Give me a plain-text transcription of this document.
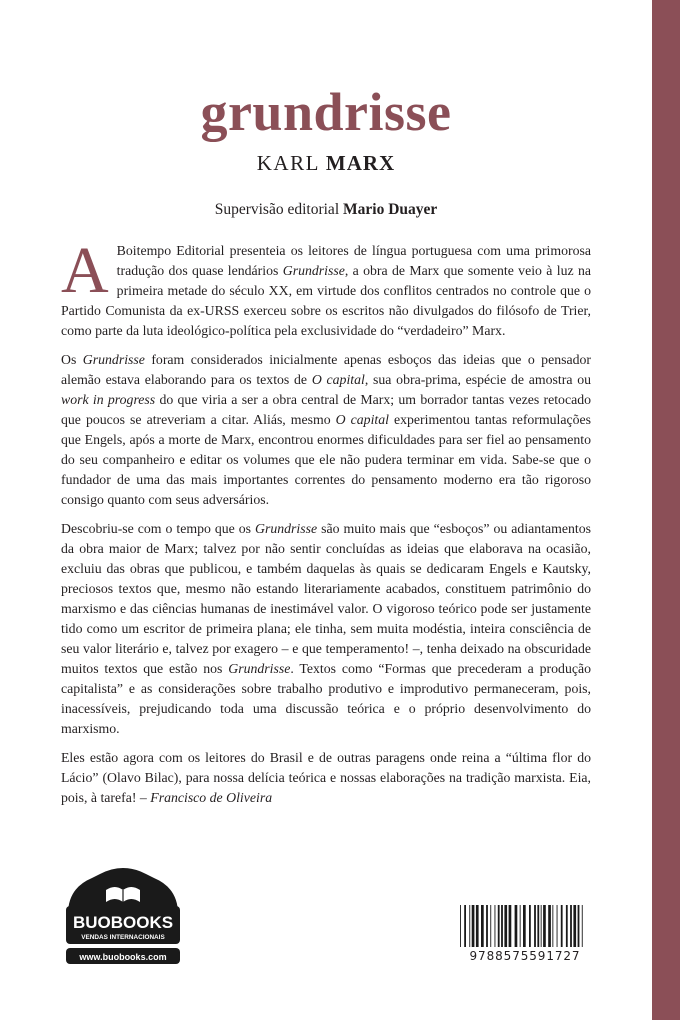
grundrisse
KARL MARX
Supervisão editorial Mario Duayer

A Boitempo Editorial presenteia os leitores de língua portuguesa com uma primorosa tradução dos quase lendários Grundrisse, a obra de Marx que somente veio à luz na primeira metade do século XX, em virtude dos conflitos centrados no controle que o Partido Comunista da ex-URSS exerceu sobre os escritos não divulgados do filósofo de Trier, como parte da luta ideológico-política pela exclusividade do “verdadeiro” Marx.

Os Grundrisse foram considerados inicialmente apenas esboços das ideias que o pensador alemão estava elaborando para os textos de O capital, sua obra-prima, espécie de amostra ou work in progress do que viria a ser a obra central de Marx; um borrador tantas vezes retocado que poucos se atreveriam a citar. Aliás, mesmo O capital experimentou tantas reformulações que Engels, após a morte de Marx, encontrou enormes dificuldades para ser fiel ao pensamento do seu companheiro e editar os volumes que ele não pudera terminar em vida. Sabe-se que o fundador de uma das mais importantes correntes do pensamento moderno era tão rigoroso consigo quanto com seus adversários.

Descobriu-se com o tempo que os Grundrisse são muito mais que “esboços” ou adiantamentos da obra maior de Marx; talvez por não sentir concluídas as ideias que elaborava na ocasião, excluiu das obras que publicou, e também daquelas às quais se dedicaram Engels e Kautsky, preciosos textos que, mesmo não estando literariamente acabados, constituem patrimônio do marxismo e das ciências humanas de inestimável valor. O vigoroso teórico pode ser justamente tido como um escritor de primeira plana; ele tinha, sem muita modéstia, inteira consciência de seu valor literário e, talvez por exagero – e que temperamento! –, tenha deixado na obscuridade muitos textos que estão nos Grundrisse. Textos como “Formas que precederam a produção capitalista” e as considerações sobre trabalho produtivo e improdutivo permaneceram, pois, inacessíveis, prejudicando toda uma discussão teórica e o próprio desenvolvimento do marxismo.

Eles estão agora com os leitores do Brasil e de outras paragens onde reina a “última flor do Lácio” (Olavo Bilac), para nossa delícia teórica e nossas elaborações na tradição marxista. Eia, pois, à tarefa! – Francisco de Oliveira

BUOBOOKS
VENDAS INTERNACIONAIS
www.buobooks.com	9788575591727
